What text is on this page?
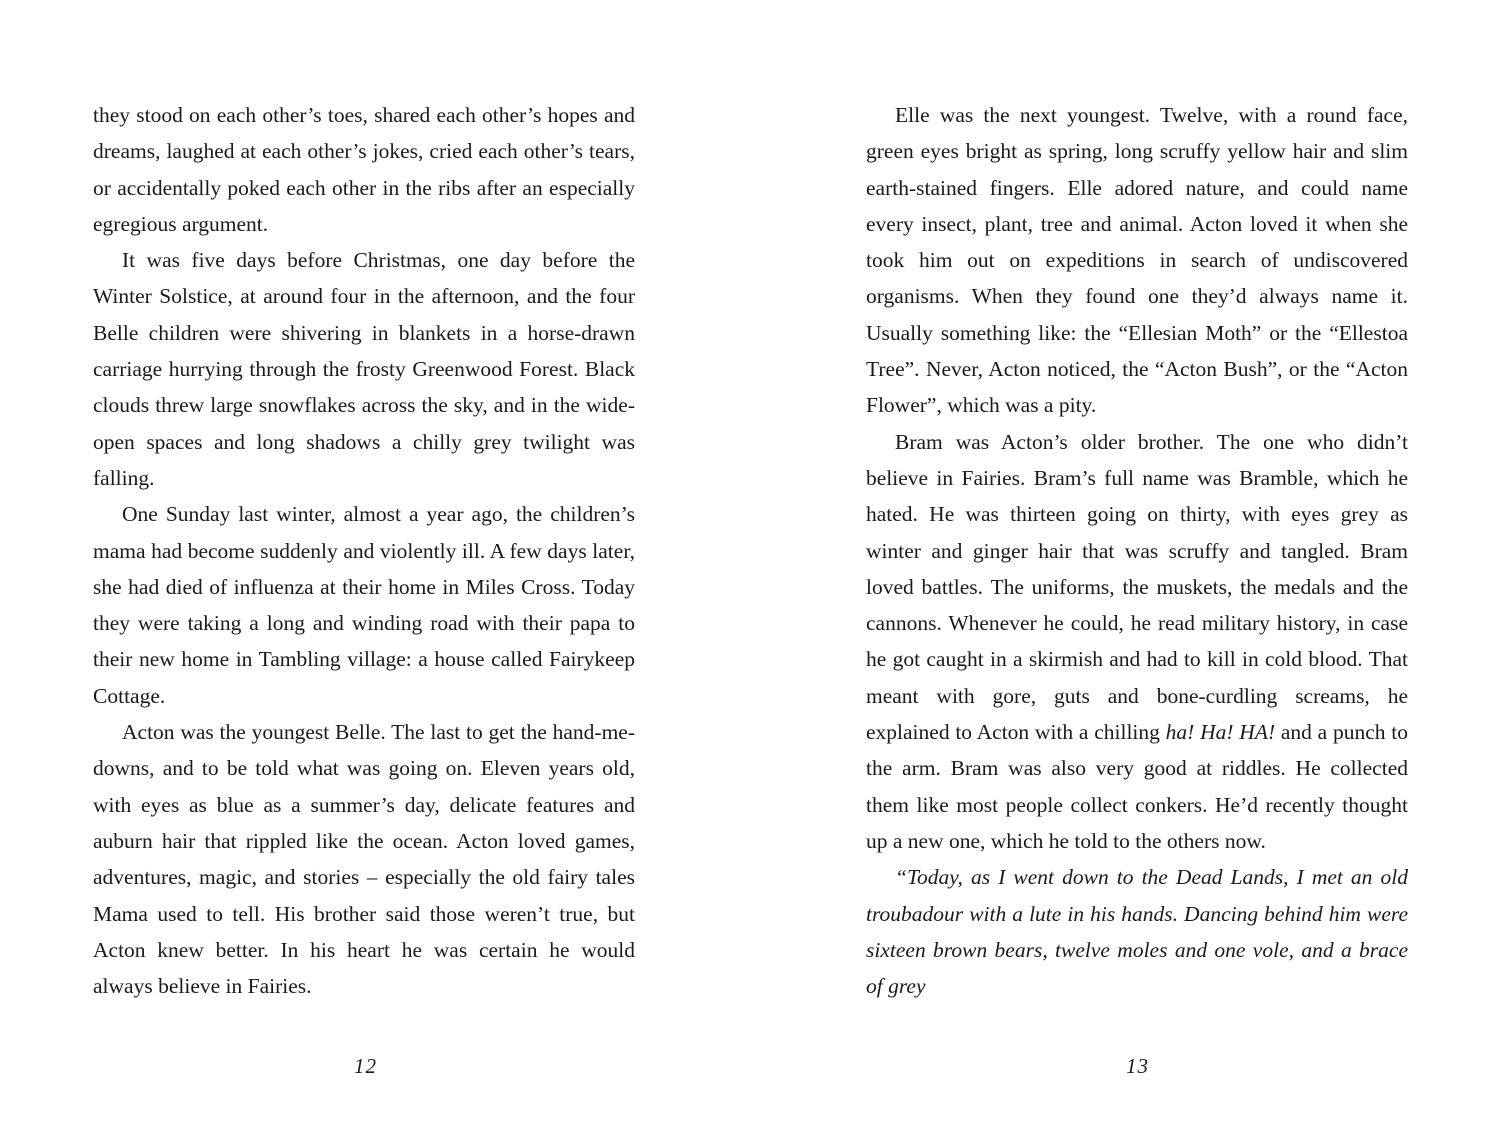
they stood on each other’s toes, shared each other’s hopes and dreams, laughed at each other’s jokes, cried each other’s tears, or accidentally poked each other in the ribs after an especially egregious argument.

It was five days before Christmas, one day before the Winter Solstice, at around four in the afternoon, and the four Belle children were shivering in blankets in a horse-drawn carriage hurrying through the frosty Greenwood Forest. Black clouds threw large snowflakes across the sky, and in the wide-open spaces and long shadows a chilly grey twilight was falling.

One Sunday last winter, almost a year ago, the children’s mama had become suddenly and violently ill. A few days later, she had died of influenza at their home in Miles Cross. Today they were taking a long and winding road with their papa to their new home in Tambling village: a house called Fairykeep Cottage.

Acton was the youngest Belle. The last to get the hand-me-downs, and to be told what was going on. Eleven years old, with eyes as blue as a summer’s day, delicate features and auburn hair that rippled like the ocean. Acton loved games, adventures, magic, and stories – especially the old fairy tales Mama used to tell. His brother said those weren’t true, but Acton knew better. In his heart he was certain he would always believe in Fairies.

12

Elle was the next youngest. Twelve, with a round face, green eyes bright as spring, long scruffy yellow hair and slim earth-stained fingers. Elle adored nature, and could name every insect, plant, tree and animal. Acton loved it when she took him out on expeditions in search of undiscovered organisms. When they found one they’d always name it. Usually something like: the “Ellesian Moth” or the “Ellestoa Tree”. Never, Acton noticed, the “Acton Bush”, or the “Acton Flower”, which was a pity.

Bram was Acton’s older brother. The one who didn’t believe in Fairies. Bram’s full name was Bramble, which he hated. He was thirteen going on thirty, with eyes grey as winter and ginger hair that was scruffy and tangled. Bram loved battles. The uniforms, the muskets, the medals and the cannons. Whenever he could, he read military history, in case he got caught in a skirmish and had to kill in cold blood. That meant with gore, guts and bone-curdling screams, he explained to Acton with a chilling ha! Ha! HA! and a punch to the arm. Bram was also very good at riddles. He collected them like most people collect conkers. He’d recently thought up a new one, which he told to the others now.

“Today, as I went down to the Dead Lands, I met an old troubadour with a lute in his hands. Dancing behind him were sixteen brown bears, twelve moles and one vole, and a brace of grey

13
